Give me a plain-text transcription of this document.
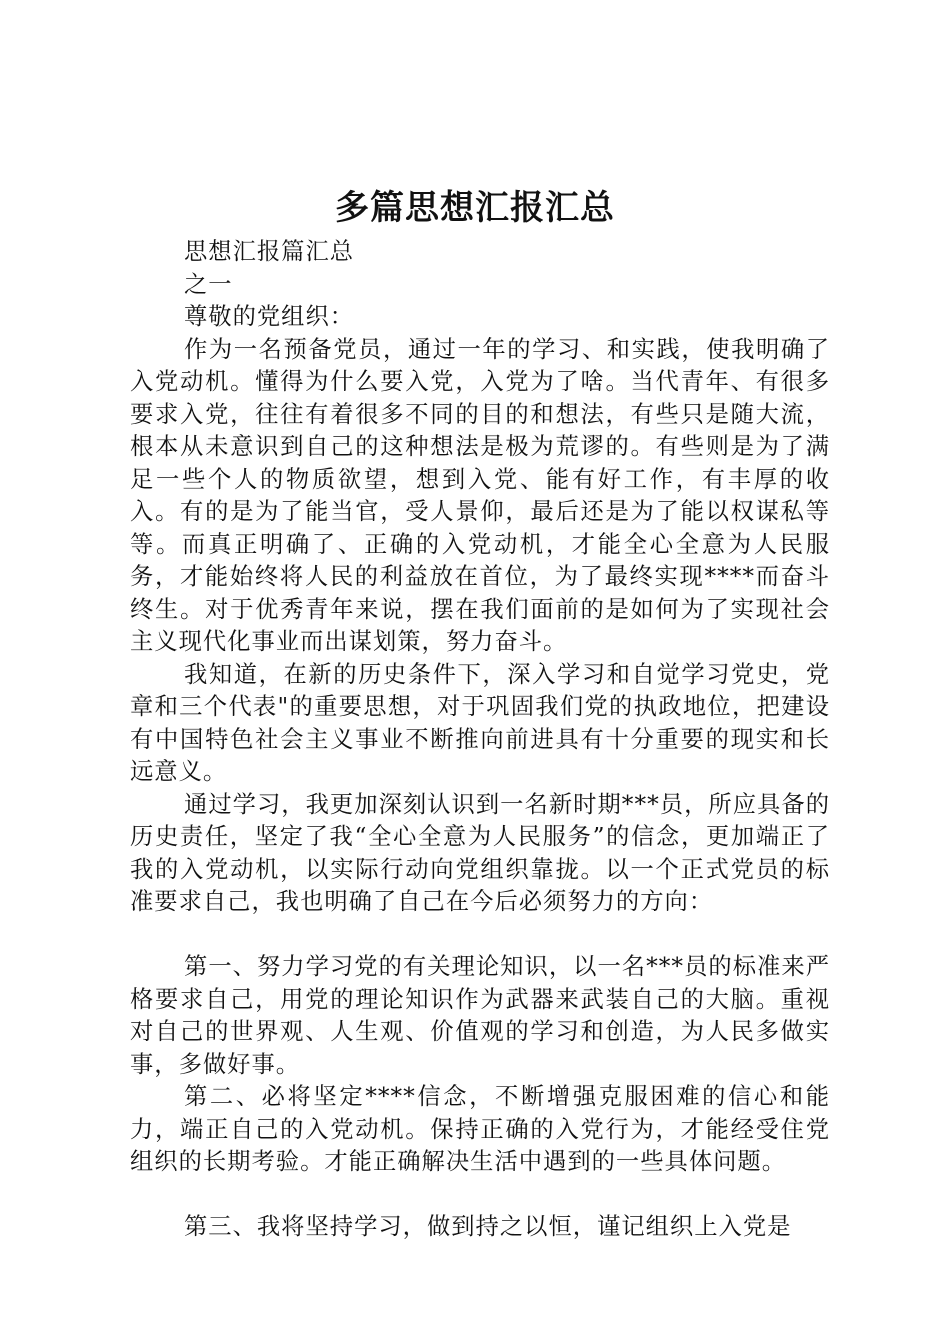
多篇思想汇报汇总

思想汇报篇汇总

之一

尊敬的党组织：

作为一名预备党员，通过一年的学习、和实践，使我明确了入党动机。懂得为什么要入党，入党为了啥。当代青年、有很多要求入党，往往有着很多不同的目的和想法，有些只是随大流，根本从未意识到自己的这种想法是极为荒谬的。有些则是为了满足一些个人的物质欲望，想到入党、能有好工作，有丰厚的收入。有的是为了能当官，受人景仰，最后还是为了能以权谋私等等。而真正明确了、正确的入党动机，才能全心全意为人民服务，才能始终将人民的利益放在首位，为了最终实现****而奋斗终生。对于优秀青年来说，摆在我们面前的是如何为了实现社会主义现代化事业而出谋划策，努力奋斗。

我知道，在新的历史条件下，深入学习和自觉学习党史，党章和三个代表"的重要思想，对于巩固我们党的执政地位，把建设有中国特色社会主义事业不断推向前进具有十分重要的现实和长远意义。

通过学习，我更加深刻认识到一名新时期***员，所应具备的历史责任，坚定了我“全心全意为人民服务”的信念，更加端正了我的入党动机，以实际行动向党组织靠拢。以一个正式党员的标准要求自己，我也明确了自己在今后必须努力的方向：

第一、努力学习党的有关理论知识，以一名***员的标准来严格要求自己，用党的理论知识作为武器来武装自己的大脑。重视对自己的世界观、人生观、价值观的学习和创造，为人民多做实事，多做好事。

第二、必将坚定****信念，不断增强克服困难的信心和能力，端正自己的入党动机。保持正确的入党行为，才能经受住党组织的长期考验。才能正确解决生活中遇到的一些具体问题。

第三、我将坚持学习，做到持之以恒，谨记组织上入党是
